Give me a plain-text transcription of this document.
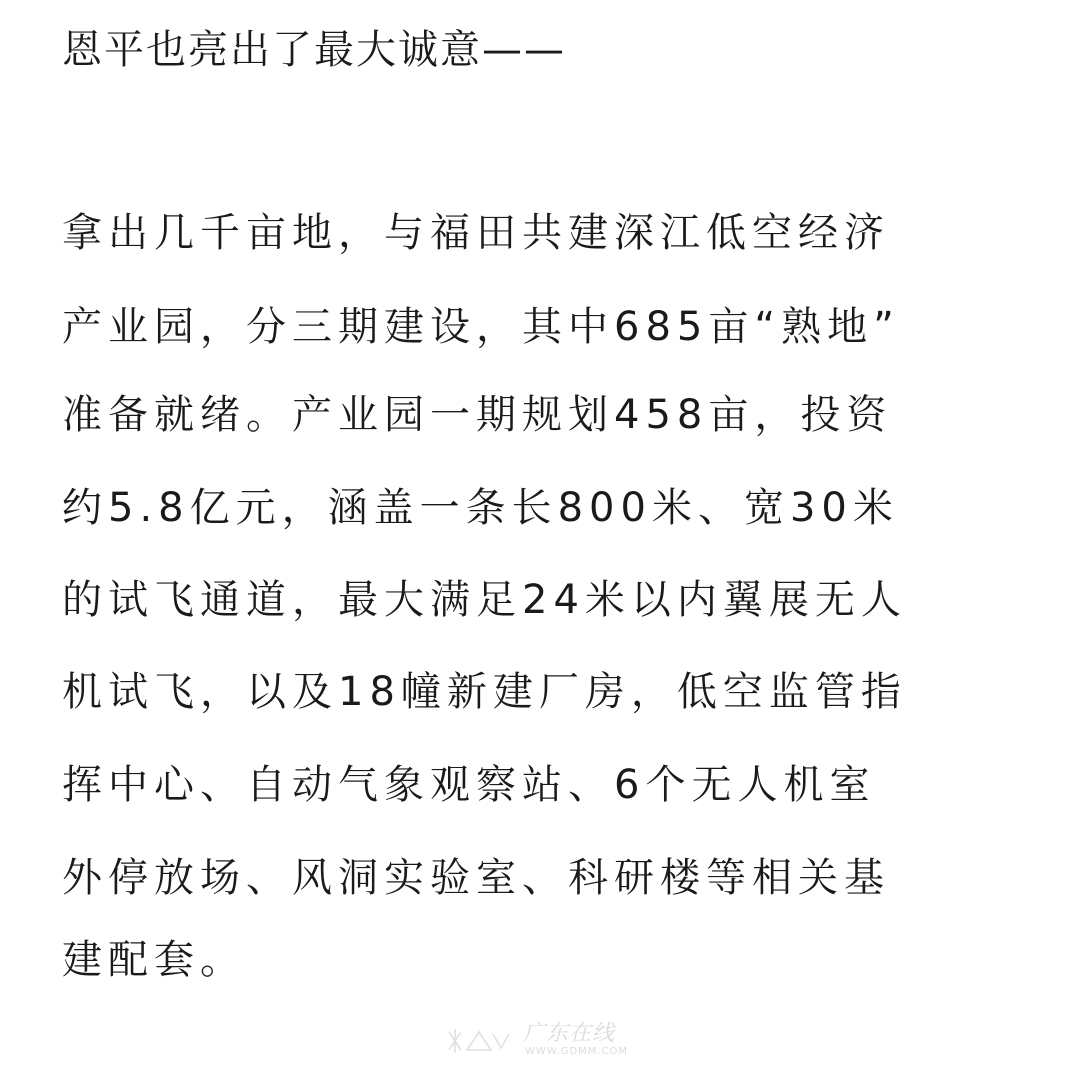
恩平也亮出了最大诚意——
拿出几千亩地，与福田共建深江低空经济
产业园，分三期建设，其中685亩“熟地”
准备就绪。产业园一期规划458亩，投资
约5.8亿元，涵盖一条长800米、宽30米
的试飞通道，最大满足24米以内翼展无人
机试飞，以及18幢新建厂房，低空监管指
挥中心、自动气象观察站、6个无人机室
外停放场、风洞实验室、科研楼等相关基
建配套。
广东在线
WWW.GDMM.COM
